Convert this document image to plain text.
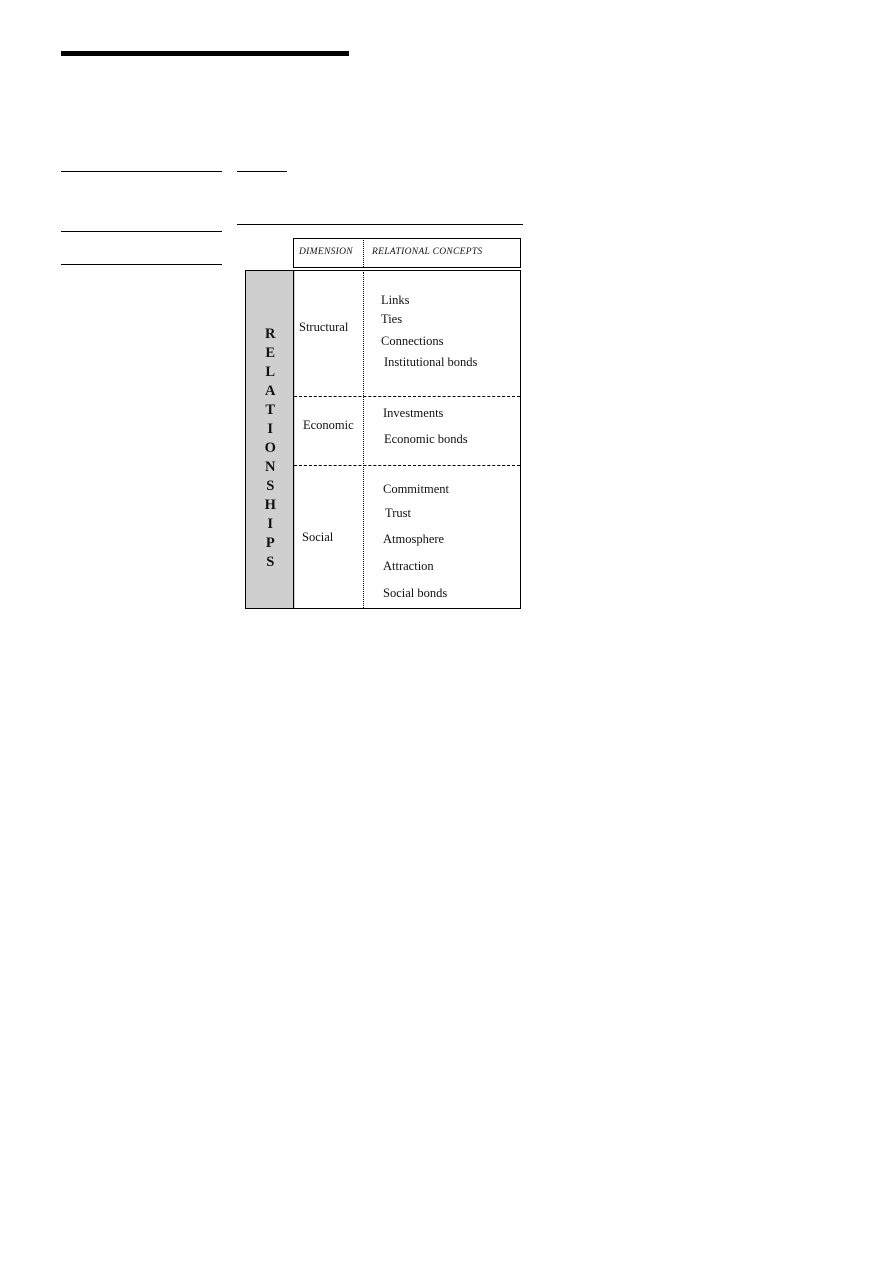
DIMENSION RELATIONAL CONCEPTS
R
E
L
A
T
I
O
N
S
H
I
P
S
Structural
Links
Ties
Connections
Institutional bonds
Economic
Investments
Economic bonds
Social
Commitment
Trust
Atmosphere
Attraction
Social bonds
